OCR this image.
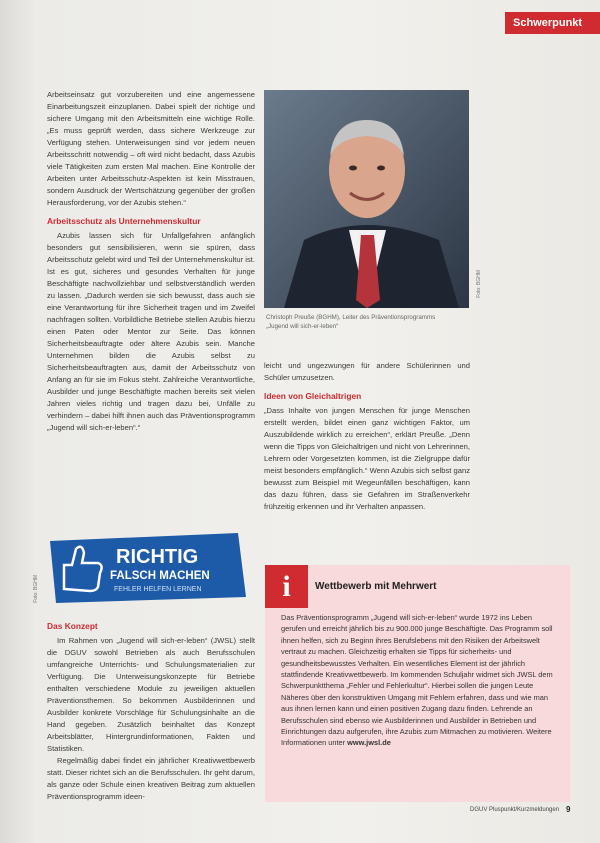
Schwerpunkt

Arbeitseinsatz gut vorzubereiten und eine angemessene Einarbeitungszeit einzuplanen. Dabei spielt der richtige und sichere Umgang mit den Arbeitsmitteln eine wichtige Rolle. „Es muss geprüft werden, dass sichere Werkzeuge zur Verfügung stehen. Unterweisungen sind vor jedem neuen Arbeitsschritt notwendig – oft wird nicht bedacht, dass Azubis viele Tätigkeiten zum ersten Mal machen. Eine Kontrolle der Arbeiten unter Arbeitsschutz-Aspekten ist kein Misstrauen, sondern Ausdruck der Wertschätzung gegenüber der großen Herausforderung, vor der Azubis stehen.“

Arbeitsschutz als Unternehmenskultur

Azubis lassen sich für Unfallgefahren anfänglich besonders gut sensibilisieren, wenn sie spüren, dass Arbeitsschutz gelebt wird und Teil der Unternehmenskultur ist. Ist es gut, sicheres und gesundes Verhalten für junge Beschäftigte nachvollziehbar und selbstverständlich werden zu lassen. „Dadurch werden sie sich bewusst, dass auch sie eine Verantwortung für ihre Sicherheit tragen und im Zweifel nachfragen sollten. Vorbildliche Betriebe stellen Azubis hierzu einen Paten oder Mentor zur Seite. Das können Sicherheitsbeauftragte oder ältere Azubis sein. Manche Unternehmen bilden die Azubis selbst zu Sicherheitsbeauftragten aus, damit der Arbeitsschutz von Anfang an für sie im Fokus steht. Zahlreiche Verantwortliche, Ausbilder und junge Beschäftigte machen bereits seit vielen Jahren vieles richtig und tragen dazu bei, Unfälle zu verhindern – dabei hilft ihnen auch das Präventionsprogramm „Jugend will sich-er-leben“.“

Foto: BGHM
Christoph Preuße (BGHM), Leiter des Präventionsprogramms „Jugend will sich-er-leben“

leicht und ungezwungen für andere Schülerinnen und Schüler umzusetzen.

Ideen von Gleichaltrigen

„Dass Inhalte von jungen Menschen für junge Menschen erstellt werden, bildet einen ganz wichtigen Faktor, um Auszubildende wirklich zu erreichen“, erklärt Preuße. „Denn wenn die Tipps von Gleichaltrigen und nicht von Lehrerinnen, Lehrern oder Vorgesetzten kommen, ist die Zielgruppe dafür meist besonders empfänglich.“ Wenn Azubis sich selbst ganz bewusst zum Beispiel mit Wegeunfällen beschäftigen, kann das dazu führen, dass sie Gefahren im Straßenverkehr frühzeitig erkennen und ihr Verhalten anpassen.

RICHTIG
FALSCH MACHEN
FEHLER HELFEN LERNEN
Foto: BGHM
Das Konzept

Im Rahmen von „Jugend will sich-er-leben“ (JWSL) stellt die DGUV sowohl Betrieben als auch Berufsschulen umfangreiche Unterrichts- und Schulungsmaterialien zur Verfügung. Die Unterweisungskonzepte für Betriebe enthalten verschiedene Module zu jeweiligen aktuellen Präventionsthemen. So bekommen Ausbilderinnen und Ausbilder konkrete Vorschläge für Schulungsinhalte an die Hand gegeben. Zusätzlich beinhaltet das Konzept Arbeitsblätter, Hintergrundinformationen, Fakten und Statistiken.

Regelmäßig dabei findet ein jährlicher Kreativwettbewerb statt. Dieser richtet sich an die Berufsschulen. Ihr geht darum, als ganze oder Schule einen kreativen Beitrag zum aktuellen Präventionsprogramm ideen-

i	Wettbewerb mit Mehrwert
Das Präventionsprogramm „Jugend will sich-er-leben“ wurde 1972 ins Leben gerufen und erreicht jährlich bis zu 900.000 junge Beschäftigte. Das Programm soll ihnen helfen, sich zu Beginn ihres Berufslebens mit den Risiken der Arbeitswelt vertraut zu machen. Gleichzeitig erhalten sie Tipps für sicherheits- und gesundheitsbewusstes Verhalten. Ein wesentliches Element ist der jährlich stattfindende Kreativwettbewerb. Im kommenden Schuljahr widmet sich JWSL dem Schwerpunktthema „Fehler und Fehlerkultur“. Hierbei sollen die jungen Leute Näheres über den konstruktiven Umgang mit Fehlern erfahren, dass und wie man aus ihnen lernen kann und einen positiven Zugang dazu finden. Lehrende an Berufsschulen sind ebenso wie Ausbilderinnen und Ausbilder in Betrieben und Einrichtungen dazu aufgerufen, ihre Azubis zum Mitmachen zu motivieren. Weitere Informationen unter www.jwsl.de
DGUV Pluspunkt/Kurzmeldungen 9
